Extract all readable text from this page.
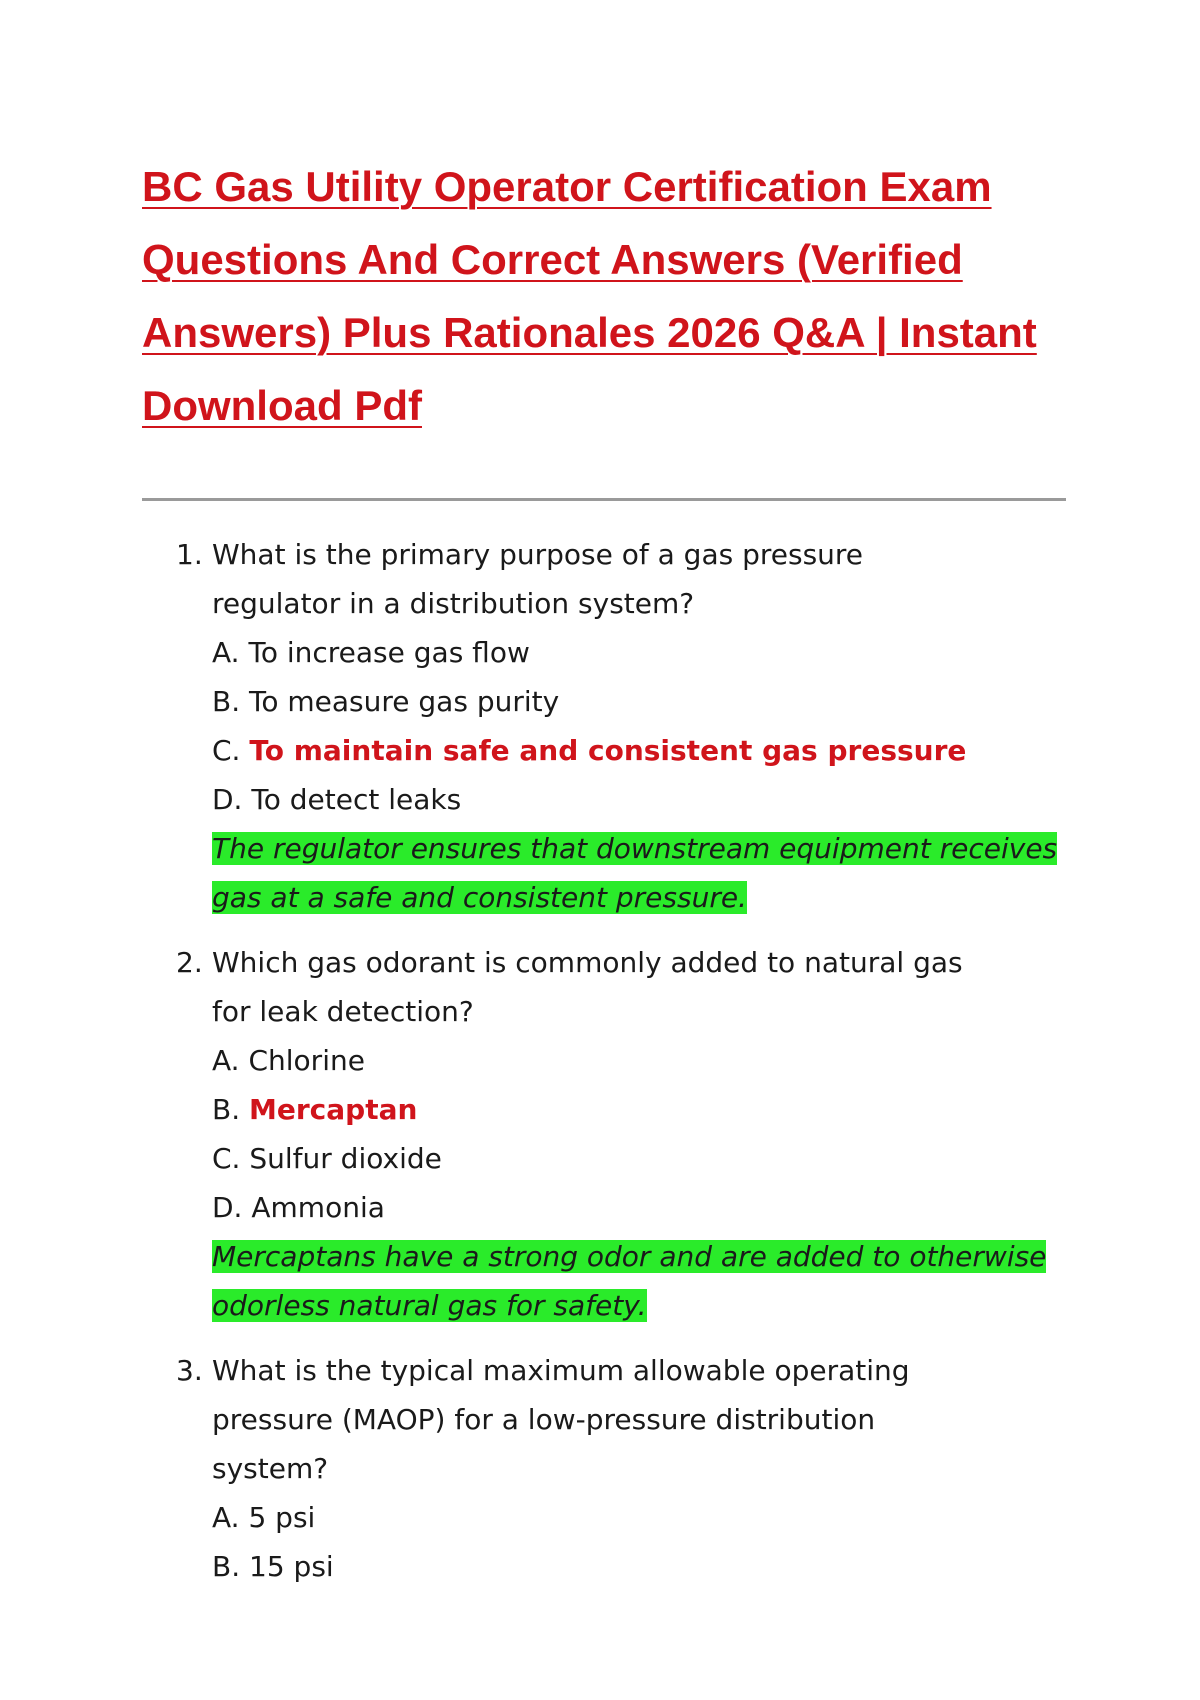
BC Gas Utility Operator Certification Exam Questions And Correct Answers (Verified Answers) Plus Rationales 2026 Q&A | Instant Download Pdf
1. What is the primary purpose of a gas pressure regulator in a distribution system?
A. To increase gas flow
B. To measure gas purity
C. To maintain safe and consistent gas pressure
D. To detect leaks
The regulator ensures that downstream equipment receives gas at a safe and consistent pressure.
2. Which gas odorant is commonly added to natural gas for leak detection?
A. Chlorine
B. Mercaptan
C. Sulfur dioxide
D. Ammonia
Mercaptans have a strong odor and are added to otherwise odorless natural gas for safety.
3. What is the typical maximum allowable operating pressure (MAOP) for a low-pressure distribution system?
A. 5 psi
B. 15 psi
